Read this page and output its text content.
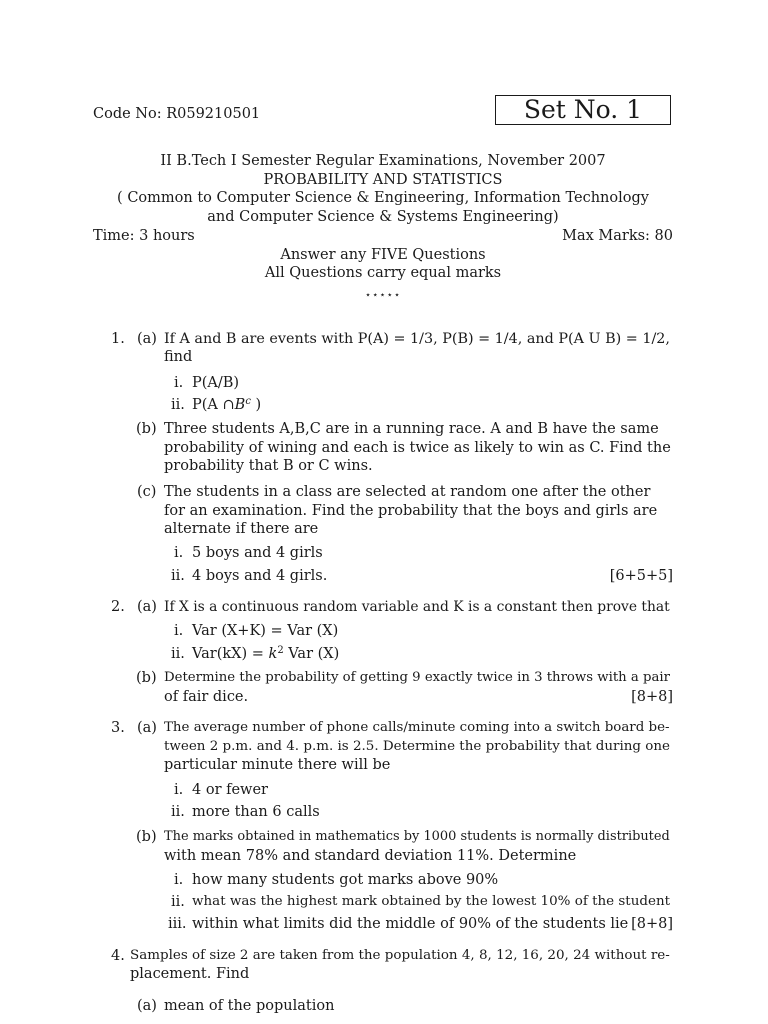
Code No: R059210501	Set No. 1
II B.Tech I Semester Regular Examinations, November 2007
PROBABILITY AND STATISTICS
( Common to Computer Science & Engineering, Information Technology
and Computer Science & Systems Engineering)
Time: 3 hours	Max Marks: 80
Answer any FIVE Questions
All Questions carry equal marks
⋆⋆⋆⋆⋆
1. (a) If A and B are events with P(A) = 1/3, P(B) = 1/4, and P(A U B) = 1/2,
find
i. P(A/B)
ii. P(A $\cap B^c$ )
(b) Three students A,B,C are in a running race. A and B have the same probability of wining and each is twice as likely to win as C. Find the probability that B or C wins.
(c) The students in a class are selected at random one after the other for an examination. Find the probability that the boys and girls are alternate if there are
i. 5 boys and 4 girls
ii. 4 boys and 4 girls.	[6+5+5]
2. (a) If X is a continuous random variable and K is a constant then prove that
i. Var (X+K) = Var (X)
ii. $Var(kX) = k^2$ Var (X)
(b) Determine the probability of getting 9 exactly twice in 3 throws with a pair
of fair dice.	[8+8]
3. (a) The average number of phone calls/minute coming into a switch board be-
tween 2 p.m. and 4. p.m. is 2.5. Determine the probability that during one
particular minute there will be
i. 4 or fewer
ii. more than 6 calls
(b) The marks obtained in mathematics by 1000 students is normally distributed
with mean 78% and standard deviation 11%. Determine
i. how many students got marks above 90%
ii. what was the highest mark obtained by the lowest 10% of the student
iii. within what limits did the middle of 90% of the students lie [8+8]
4. Samples of size 2 are taken from the population 4, 8, 12, 16, 20, 24 without re-
placement. Find
(a) mean of the population
